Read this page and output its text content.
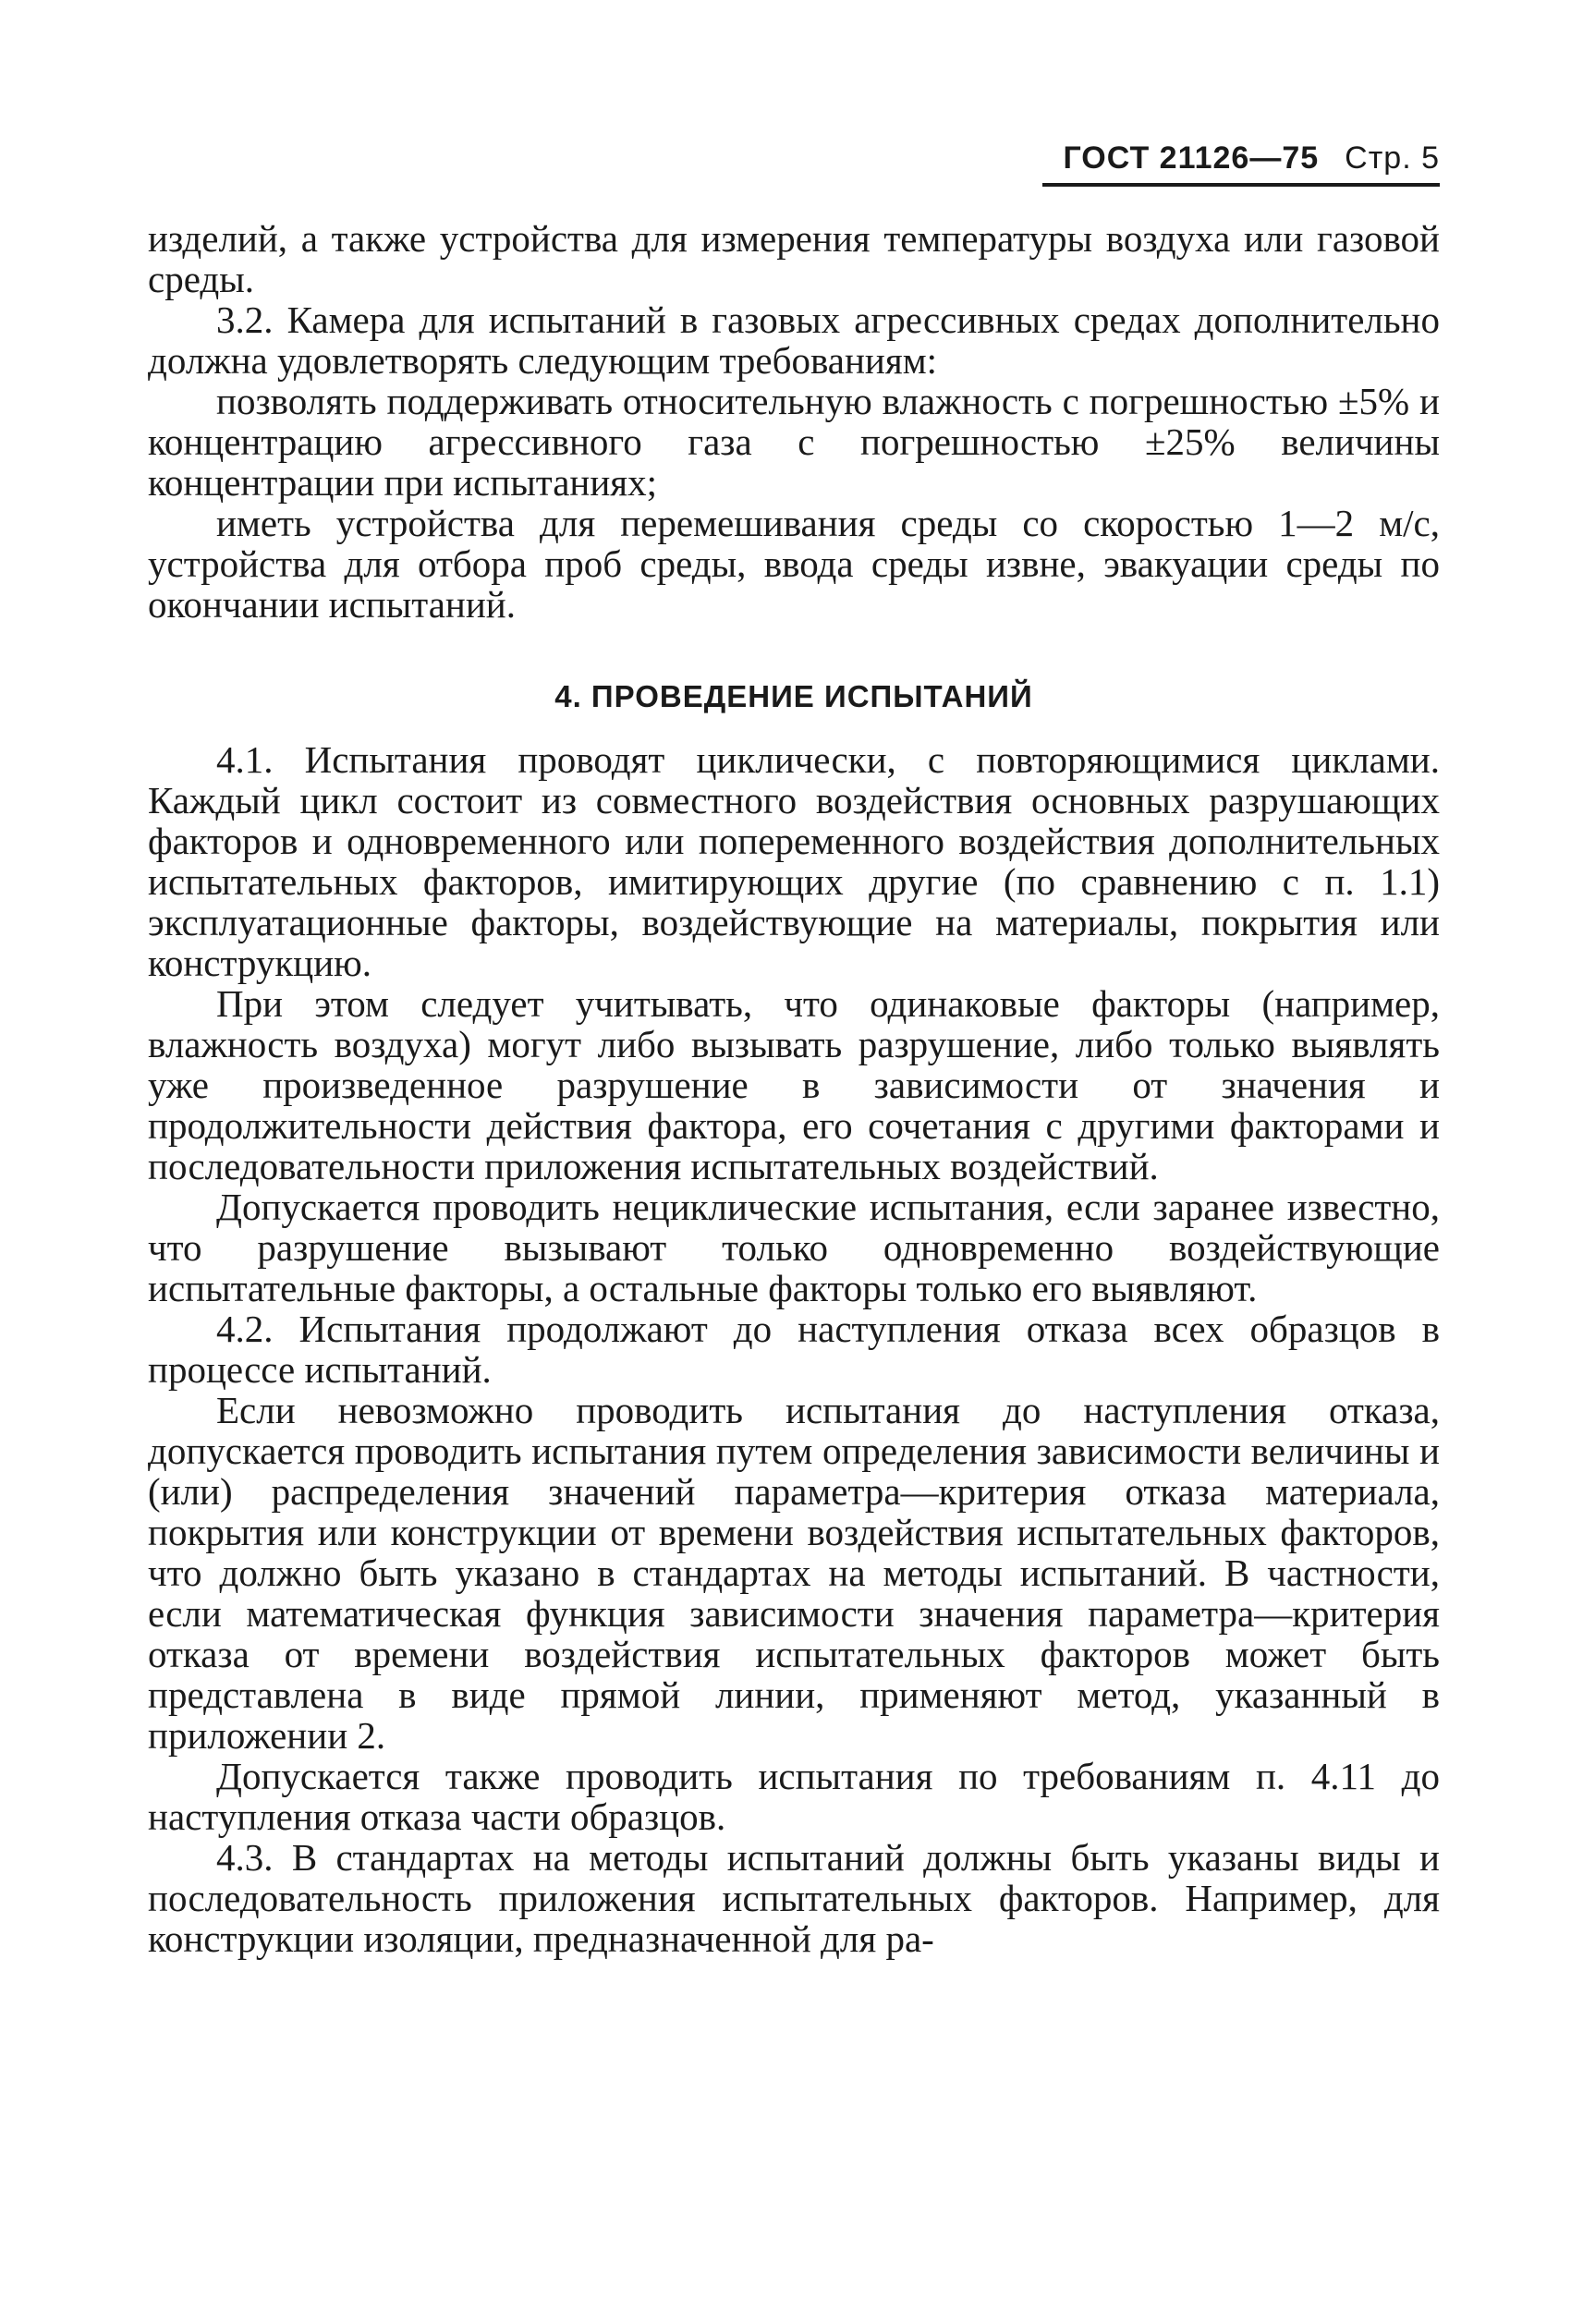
ГОСТ 21126—75 Стр. 5

изделий, а также устройства для измерения температуры воздуха или газовой среды.

3.2. Камера для испытаний в газовых агрессивных средах дополнительно должна удовлетворять следующим требованиям:

позволять поддерживать относительную влажность с погрешностью ±5% и концентрацию агрессивного газа с погрешностью ±25% величины концентрации при испытаниях;

иметь устройства для перемешивания среды со скоростью 1—2 м/с, устройства для отбора проб среды, ввода среды извне, эвакуации среды по окончании испытаний.

4. ПРОВЕДЕНИЕ ИСПЫТАНИЙ

4.1. Испытания проводят циклически, с повторяющимися циклами. Каждый цикл состоит из совместного воздействия основных разрушающих факторов и одновременного или попеременного воздействия дополнительных испытательных факторов, имитирующих другие (по сравнению с п. 1.1) эксплуатационные факторы, воздействующие на материалы, покрытия или конструкцию.

При этом следует учитывать, что одинаковые факторы (например, влажность воздуха) могут либо вызывать разрушение, либо только выявлять уже произведенное разрушение в зависимости от значения и продолжительности действия фактора, его сочетания с другими факторами и последовательности приложения испытательных воздействий.

Допускается проводить нециклические испытания, если заранее известно, что разрушение вызывают только одновременно воздействующие испытательные факторы, а остальные факторы только его выявляют.

4.2. Испытания продолжают до наступления отказа всех образцов в процессе испытаний.

Если невозможно проводить испытания до наступления отказа, допускается проводить испытания путем определения зависимости величины и (или) распределения значений параметра—критерия отказа материала, покрытия или конструкции от времени воздействия испытательных факторов, что должно быть указано в стандартах на методы испытаний. В частности, если математическая функция зависимости значения параметра—критерия отказа от времени воздействия испытательных факторов может быть представлена в виде прямой линии, применяют метод, указанный в приложении 2.

Допускается также проводить испытания по требованиям п. 4.11 до наступления отказа части образцов.

4.3. В стандартах на методы испытаний должны быть указаны виды и последовательность приложения испытательных факторов. Например, для конструкции изоляции, предназначенной для ра-
